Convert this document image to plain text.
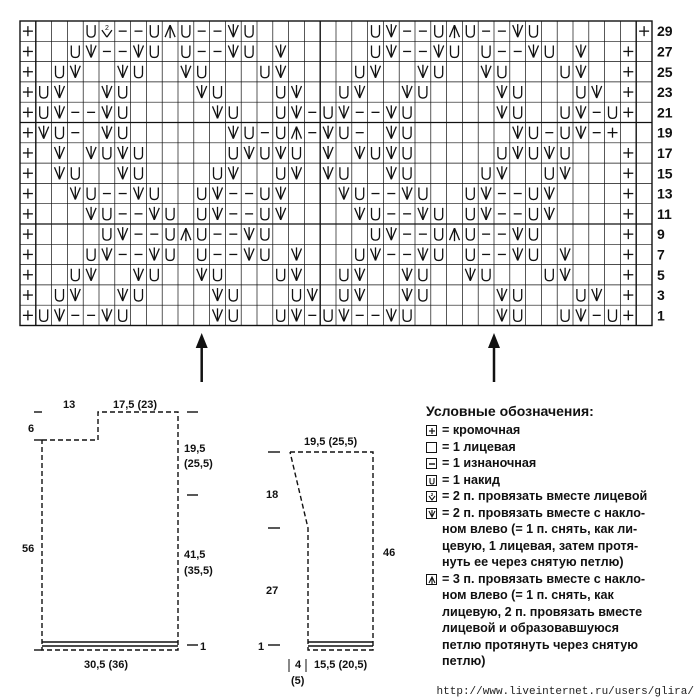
2	29
27
25
23
21
19
17
15
13
11
9
7
5
3
1
13	17,5 (23)
6
56
19,5
(25,5)
41,5
(35,5)
1
30,5 (36)
19,5 (25,5)
18
27
46
1
4
(5)
15,5 (20,5)
Условные обозначения:
= кромочная
= 1 лицевая
= 1 изнаночная
= 1 накид
2 = 2 п. провязать вместе лицевой
= 2 п. провязать вместе с накло-
ном влево (= 1 п. снять, как ли-
цевую, 1 лицевая, затем протя-
нуть ее через снятую петлю)
= 3 п. провязать вместе с накло-
ном влево (= 1 п. снять, как
лицевую, 2 п. провязать вместе
лицевой и образовавшуюся
петлю протянуть через снятую
петлю)
http://www.liveinternet.ru/users/glira/
